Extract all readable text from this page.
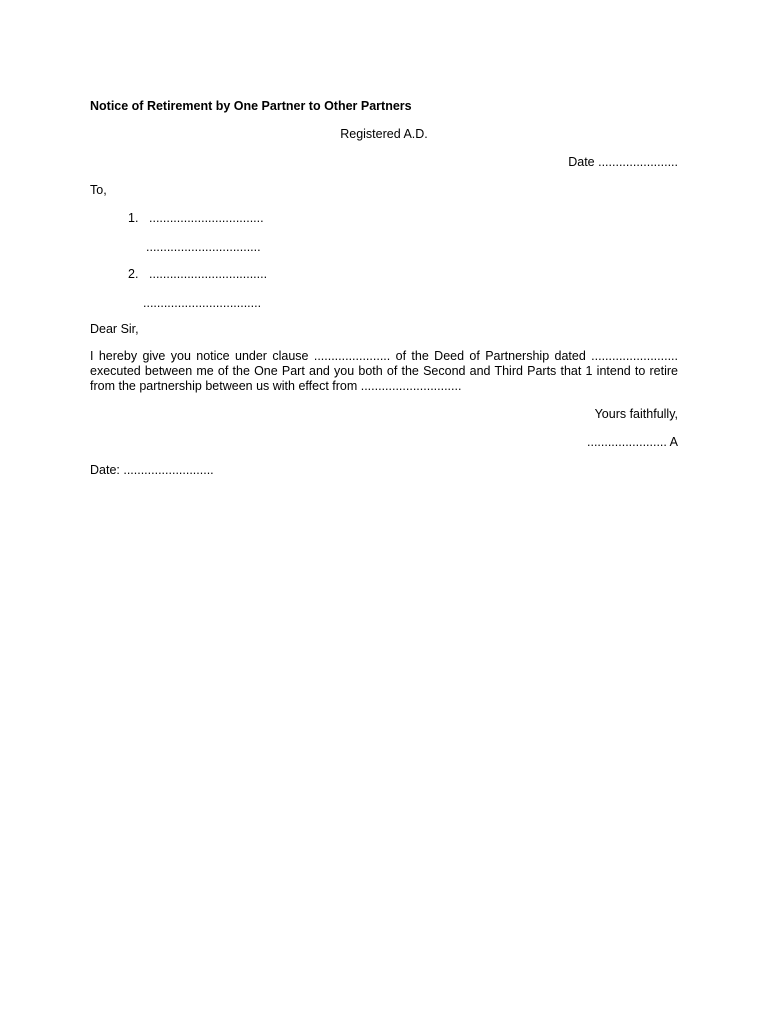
Notice of Retirement by One Partner to Other Partners
Registered A.D.
Date .......................
To,
1. .................................
.................................
2. ..................................
..................................
Dear Sir,
I hereby give you notice under clause ...................... of the Deed of Partnership dated .........................
executed between me of the One Part and you both of the Second and Third Parts that 1 intend to retire
from the partnership between us with effect from .............................
Yours faithfully,
....................... A
Date: ..........................
